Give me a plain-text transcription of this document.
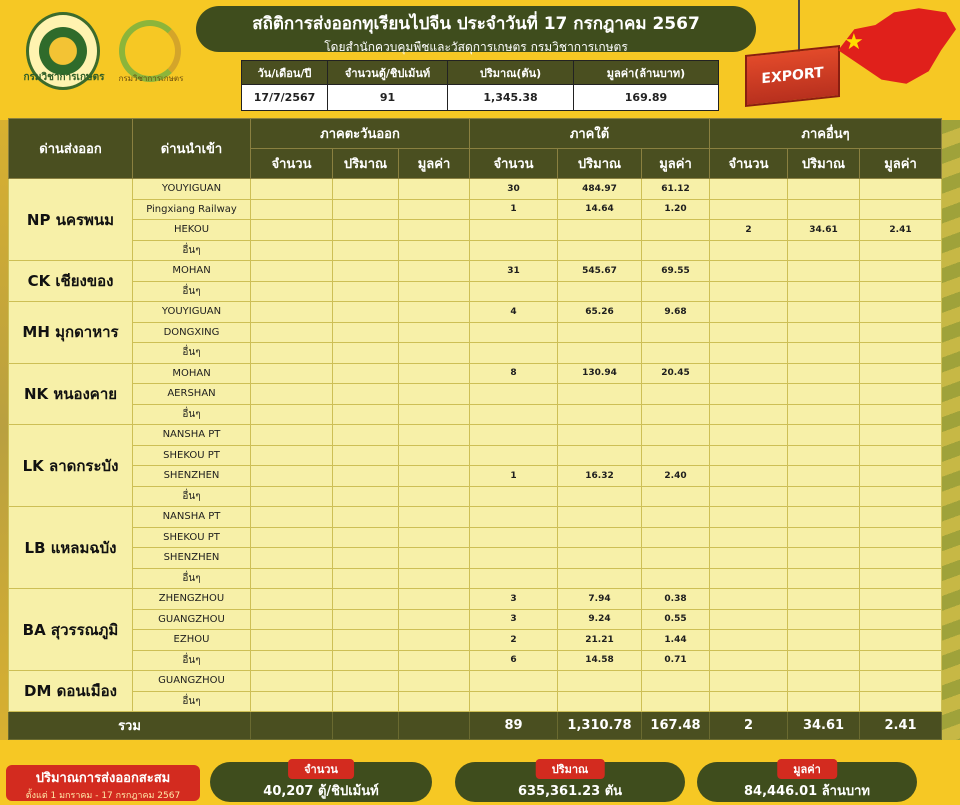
กรมวิชาการเกษตร	กรมวิชาการเกษตร
สถิติการส่งออกทุเรียนไปจีน ประจำวันที่ 17 กรกฎาคม 2567
โดยสำนักควบคุมพืชและวัสดุการเกษตร กรมวิชาการเกษตร
วัน/เดือน/ปี	จำนวนตู้/ชิปเม้นท์	ปริมาณ(ตัน)	มูลค่า(ล้านบาท)
17/7/2567	91	1,345.38	169.89
EXPORT
★
ด่านส่งออก	ด่านนำเข้า	ภาคตะวันออก			ภาคใต้			ภาคอื่นๆ		
		จำนวน	ปริมาณ	มูลค่า	จำนวน	ปริมาณ	มูลค่า	จำนวน	ปริมาณ	มูลค่า
NP นครพนม	YOUYIGUAN				30	484.97	61.12			
	Pingxiang Railway				1	14.64	1.20			
	HEKOU							2	34.61	2.41
	อื่นๆ									
CK เชียงของ	MOHAN				31	545.67	69.55			
	อื่นๆ									
MH มุกดาหาร	YOUYIGUAN				4	65.26	9.68			
	DONGXING									
	อื่นๆ									
NK หนองคาย	MOHAN				8	130.94	20.45			
	AERSHAN									
	อื่นๆ									
LK ลาดกระบัง	NANSHA PT									
	SHEKOU PT									
	SHENZHEN				1	16.32	2.40			
	อื่นๆ									
LB แหลมฉบัง	NANSHA PT									
	SHEKOU PT									
	SHENZHEN									
	อื่นๆ									
BA สุวรรณภูมิ	ZHENGZHOU				3	7.94	0.38			
	GUANGZHOU				3	9.24	0.55			
	EZHOU				2	21.21	1.44			
	อื่นๆ				6	14.58	0.71			
DM ดอนเมือง	GUANGZHOU									
	อื่นๆ									
รวม					89	1,310.78	167.48	2	34.61	2.41
ปริมาณการส่งออกสะสม
ตั้งแต่ 1 มกราคม - 17 กรกฎาคม 2567
จำนวน
40,207 ตู้/ชิปเม้นท์
ปริมาณ
635,361.23 ตัน
มูลค่า
84,446.01 ล้านบาท
